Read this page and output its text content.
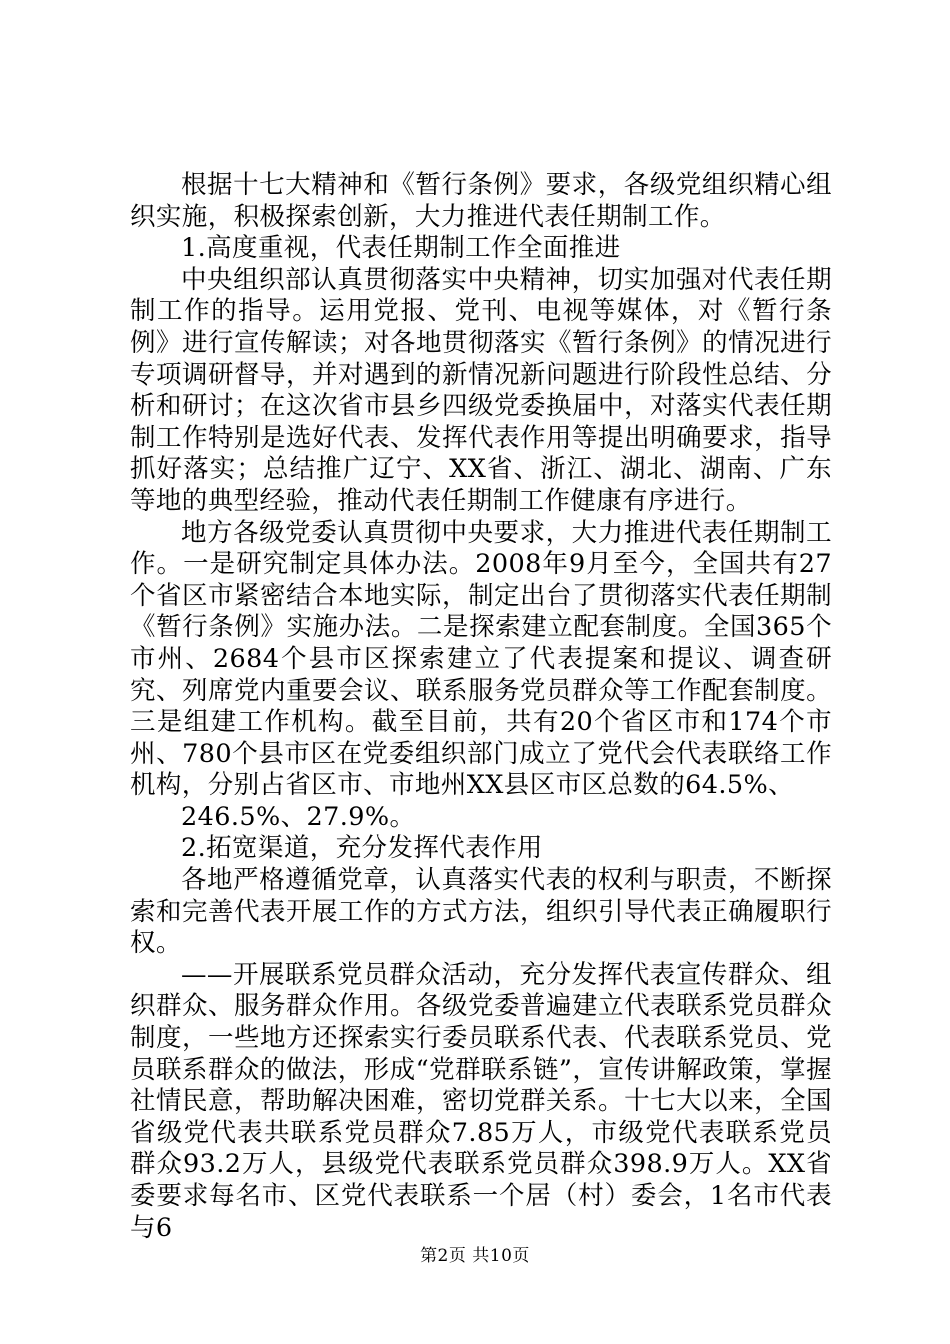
根据十七大精神和《暂行条例》要求，各级党组织精心组织实施，积极探索创新，大力推进代表任期制工作。

1.高度重视，代表任期制工作全面推进

中央组织部认真贯彻落实中央精神，切实加强对代表任期制工作的指导。运用党报、党刊、电视等媒体，对《暂行条例》进行宣传解读；对各地贯彻落实《暂行条例》的情况进行专项调研督导，并对遇到的新情况新问题进行阶段性总结、分析和研讨；在这次省市县乡四级党委换届中，对落实代表任期制工作特别是选好代表、发挥代表作用等提出明确要求，指导抓好落实；总结推广辽宁、XX省、浙江、湖北、湖南、广东等地的典型经验，推动代表任期制工作健康有序进行。

地方各级党委认真贯彻中央要求，大力推进代表任期制工作。一是研究制定具体办法。2008年9月至今，全国共有27个省区市紧密结合本地实际，制定出台了贯彻落实代表任期制《暂行条例》实施办法。二是探索建立配套制度。全国365个市州、2684个县市区探索建立了代表提案和提议、调查研究、列席党内重要会议、联系服务党员群众等工作配套制度。三是组建工作机构。截至目前，共有20个省区市和174个市州、780个县市区在党委组织部门成立了党代会代表联络工作机构，分别占省区市、市地州XX县区市区总数的64.5%、

246.5%、27.9%。

2.拓宽渠道，充分发挥代表作用

各地严格遵循党章，认真落实代表的权利与职责，不断探索和完善代表开展工作的方式方法，组织引导代表正确履职行权。

——开展联系党员群众活动，充分发挥代表宣传群众、组织群众、服务群众作用。各级党委普遍建立代表联系党员群众制度，一些地方还探索实行委员联系代表、代表联系党员、党员联系群众的做法，形成“党群联系链”，宣传讲解政策，掌握社情民意，帮助解决困难，密切党群关系。十七大以来，全国省级党代表共联系党员群众7.85万人，市级党代表联系党员群众93.2万人，县级党代表联系党员群众398.9万人。XX省委要求每名市、区党代表联系一个居（村）委会，1名市代表与6

第2页 共10页
